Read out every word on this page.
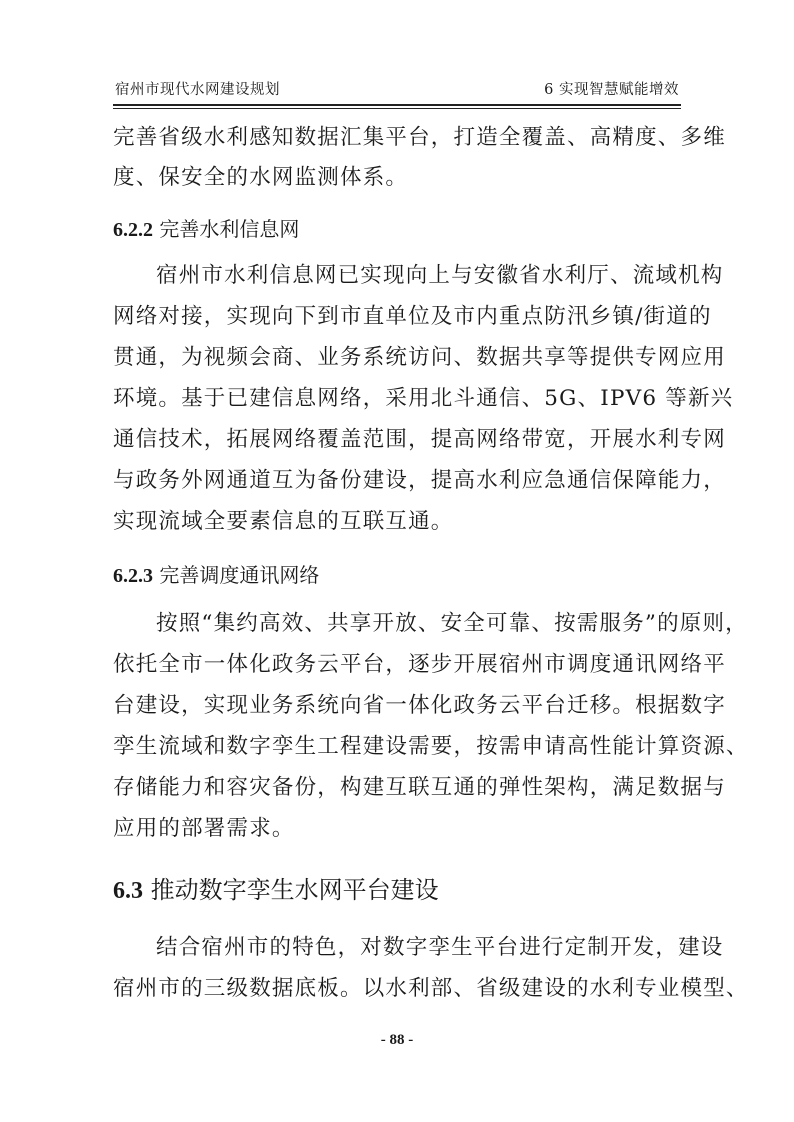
宿州市现代水网建设规划	6 实现智慧赋能增效
完善省级水利感知数据汇集平台，打造全覆盖、高精度、多维
度、保安全的水网监测体系。
6.2.2 完善水利信息网
宿州市水利信息网已实现向上与安徽省水利厅、流域机构
网络对接，实现向下到市直单位及市内重点防汛乡镇/街道的
贯通，为视频会商、业务系统访问、数据共享等提供专网应用
环境。基于已建信息网络，采用北斗通信、5G、IPV6 等新兴
通信技术，拓展网络覆盖范围，提高网络带宽，开展水利专网
与政务外网通道互为备份建设，提高水利应急通信保障能力，
实现流域全要素信息的互联互通。
6.2.3 完善调度通讯网络
按照“集约高效、共享开放、安全可靠、按需服务”的原则，
依托全市一体化政务云平台，逐步开展宿州市调度通讯网络平
台建设，实现业务系统向省一体化政务云平台迁移。根据数字
孪生流域和数字孪生工程建设需要，按需申请高性能计算资源、
存储能力和容灾备份，构建互联互通的弹性架构，满足数据与
应用的部署需求。
6.3 推动数字孪生水网平台建设
结合宿州市的特色，对数字孪生平台进行定制开发，建设
宿州市的三级数据底板。以水利部、省级建设的水利专业模型、
- 88 -
